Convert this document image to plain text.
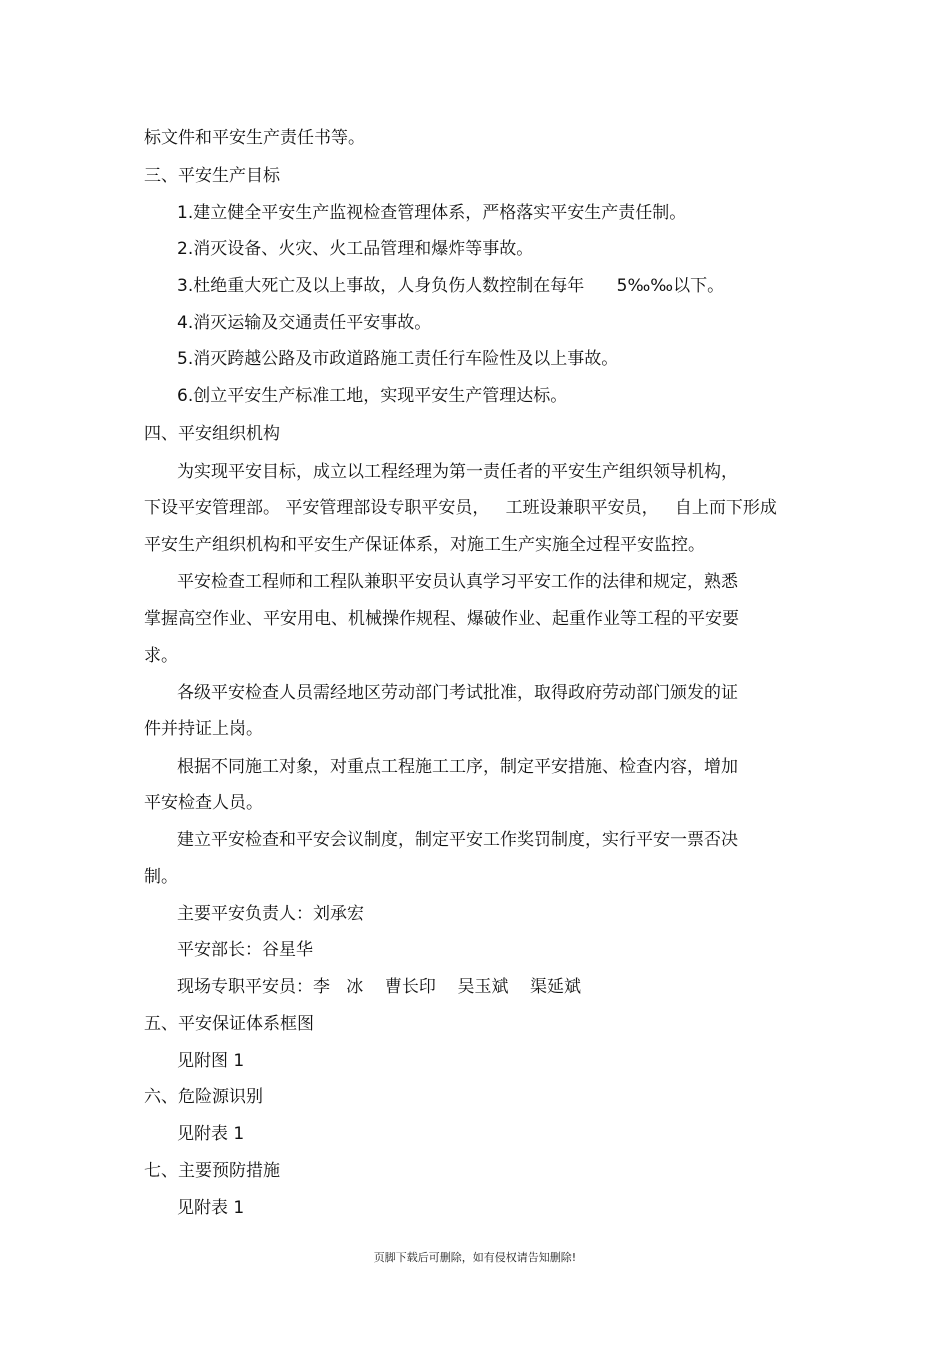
标文件和平安生产责任书等。

三、平安生产目标

1.建立健全平安生产监视检查管理体系，严格落实平安生产责任制。

2.消灭设备、火灾、火工品管理和爆炸等事故。

3.杜绝重大死亡及以上事故，人身负伤人数控制在每年      5‰‰以下。

4.消灭运输及交通责任平安事故。

5.消灭跨越公路及市政道路施工责任行车险性及以上事故。

6.创立平安生产标准工地，实现平安生产管理达标。

四、平安组织机构

为实现平安目标，成立以工程经理为第一责任者的平安生产组织领导机构，

下设平安管理部。 平安管理部设专职平安员，   工班设兼职平安员，   自上而下形成

平安生产组织机构和平安生产保证体系，对施工生产实施全过程平安监控。

平安检查工程师和工程队兼职平安员认真学习平安工作的法律和规定，熟悉

掌握高空作业、平安用电、机械操作规程、爆破作业、起重作业等工程的平安要

求。

各级平安检查人员需经地区劳动部门考试批准，取得政府劳动部门颁发的证

件并持证上岗。

根据不同施工对象，对重点工程施工工序，制定平安措施、检查内容，增加

平安检查人员。

建立平安检查和平安会议制度，制定平安工作奖罚制度，实行平安一票否决

制。

主要平安负责人：刘承宏

平安部长：谷星华

现场专职平安员：李   冰    曹长印    吴玉斌    渠延斌

五、平安保证体系框图

见附图 1

六、危险源识别

见附表 1

七、主要预防措施

见附表 1

页脚下载后可删除，如有侵权请告知删除!
